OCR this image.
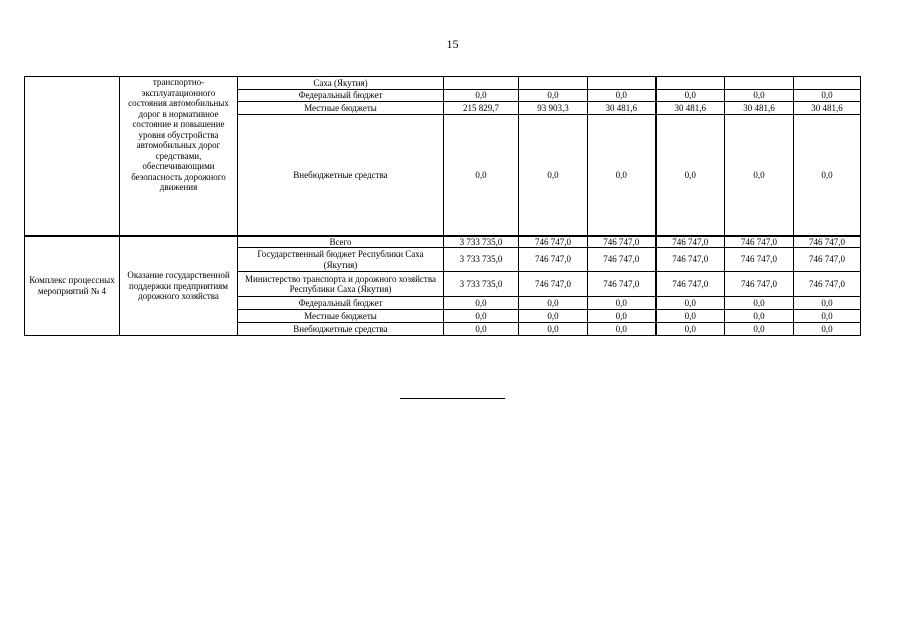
15
	транспортно-эксплуатационного состояния автомобильных дорог в нормативное состояние и повышение уровня обустройства автомобильных дорог средствами, обеспечивающими безопасность дорожного движения	Саха (Якутия)						
		Федеральный бюджет	0,0	0,0	0,0	0,0	0,0	0,0
		Местные бюджеты	215 829,7	93 903,3	30 481,6	30 481,6	30 481,6	30 481,6
		Внебюджетные средства	0,0	0,0	0,0	0,0	0,0	0,0
Комплекс процессных мероприятий № 4	Оказание государственной поддержки предприятиям дорожного хозяйства	Всего	3 733 735,0	746 747,0	746 747,0	746 747,0	746 747,0	746 747,0
		Государственный бюджет Республики Саха (Якутия)	3 733 735,0	746 747,0	746 747,0	746 747,0	746 747,0	746 747,0
		Министерство транспорта и дорожного хозяйства Республики Саха (Якутия)	3 733 735,0	746 747,0	746 747,0	746 747,0	746 747,0	746 747,0
		Федеральный бюджет	0,0	0,0	0,0	0,0	0,0	0,0
		Местные бюджеты	0,0	0,0	0,0	0,0	0,0	0,0
		Внебюджетные средства	0,0	0,0	0,0	0,0	0,0	0,0
